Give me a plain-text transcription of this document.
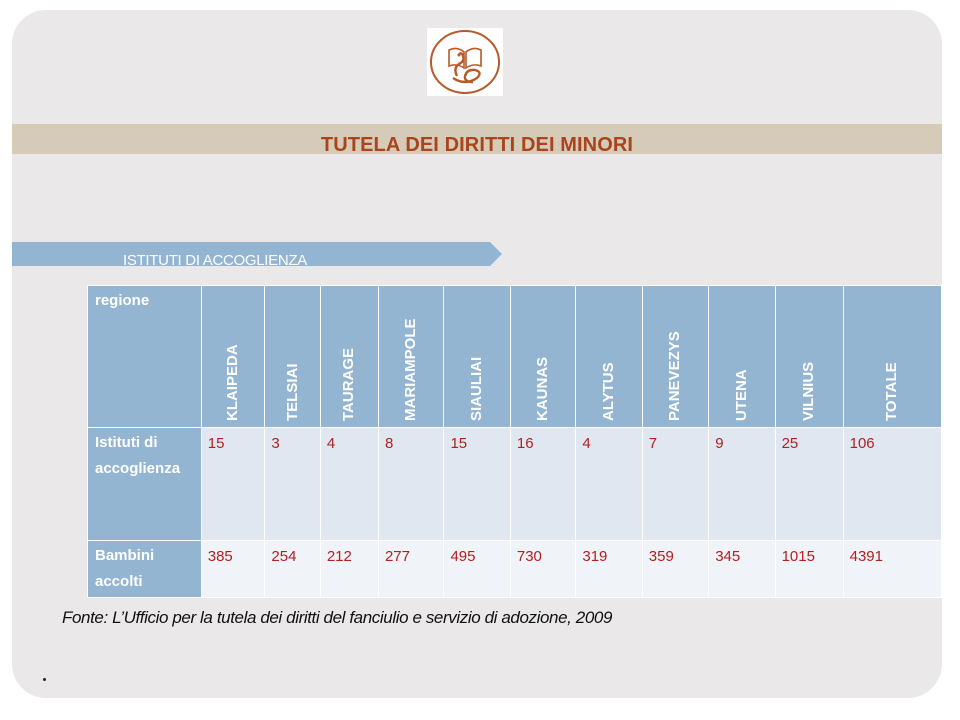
TUTELA DEI DIRITTI DEI MINORI
ISTITUTI DI ACCOGLIENZA
regione	KLAIPEDA	TELSIAI	TAURAGE	MARIAMPOLE	SIAULIAI	KAUNAS	ALYTUS	PANEVEZYS	UTENA	VILNIUS	TOTALE

Istituti di accoglienza	15	3	4	8	15	16	4	7	9	25	106
Bambini accolti	385	254	212	277	495	730	319	359	345	1015	4391
Fonte: L’Ufficio per la tutela dei diritti del fanciulio e servizio di adozione, 2009
